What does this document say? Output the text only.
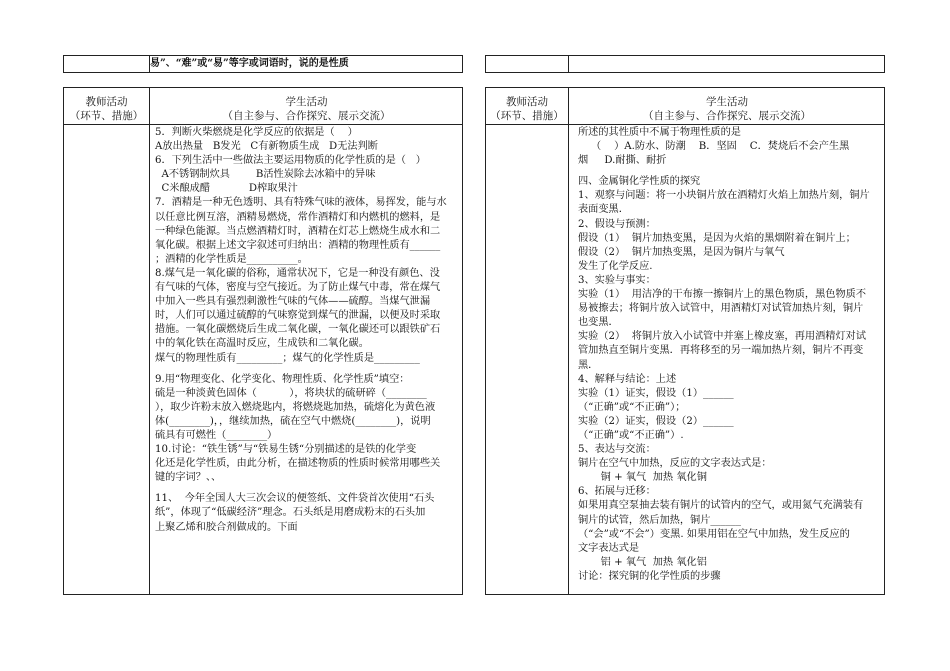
易”、“难”或“易”等字或词语时，说的是性质
教师活动
（环节、措施）
学生活动
（自主参与、合作探究、展示交流）
5．判断火柴燃烧是化学反应的依据是（    ）
A放出热量   B发光   C有新物质生成   D无法判断
6．下列生活中一些做法主要运用物质的化学性质的是（   ）
A不锈钢制炊具        B活性炭除去冰箱中的异味
C米酿成醋            D榨取果汁
7．酒精是一种无色透明、具有特殊气味的液体，易挥发，能与水
以任意比例互溶，酒精易燃烧，常作酒精灯和内燃机的燃料，是
一种绿色能源。当点燃酒精灯时，酒精在灯芯上燃烧生成水和二
氧化碳。根据上述文字叙述可归纳出：酒精的物理性质有______
；酒精的化学性质是__________。
8.煤气是一氧化碳的俗称，通常状况下，它是一种没有颜色、没
有气味的气体，密度与空气接近。为了防止煤气中毒，常在煤气
中加入一些具有强烈刺激性气味的气体——硫醇。当煤气泄漏
时，人们可以通过硫醇的气味察觉到煤气的泄漏，以便及时采取
措施。一氧化碳燃烧后生成二氧化碳，一氧化碳还可以跟铁矿石
中的氧化铁在高温时反应，生成铁和二氧化碳。
煤气的物理性质有_________；煤气的化学性质是_________
9.用“物理变化、化学变化、物理性质、化学性质”填空：
硫是一种淡黄色固体（          ），将块状的硫研碎（________
），取少许粉末放入燃烧匙内，将燃烧匙加热，硫熔化为黄色液
体(________)，，继续加热，硫在空气中燃烧(________)，说明
硫具有可燃性（________）
10.讨论：“铁生锈”与“铁易生锈“分别描述的是铁的化学变
化还是化学性质，由此分析，在描述物质的性质时候常用哪些关
键的字词？、、
11、  今年全国人大三次会议的便签纸、文件袋首次使用“石头
纸”，体现了“低碳经济”理念。石头纸是用磨成粉末的石头加
上聚乙烯和胶合剂做成的。下面
教师活动
（环节、措施）
学生活动
（自主参与、合作探究、展示交流）
所述的其性质中不属于物理性质的是
（    ）A.防水、防潮    B．坚固    C．焚烧后不会产生黑
烟     D.耐撕、耐折
四、金属铜化学性质的探究
1、观察与问题：将一小块铜片放在酒精灯火焰上加热片刻，铜片
表面变黑．
2、假设与预测：
假设（1）  铜片加热变黑，是因为火焰的黑烟附着在铜片上；
假设（2）  铜片加热变黑，是因为铜片与氧气
发生了化学反应.
3、实验与事实：
实验（1）  用洁净的干布擦一擦铜片上的黑色物质，黑色物质不
易被擦去；将铜片放入试管中，用酒精灯对试管加热片刻，铜片
也变黑．
实验（2）  将铜片放入小试管中并塞上橡皮塞，再用酒精灯对试
管加热直至铜片变黑．再将移至的另一端加热片刻，铜片不再变
黑．
4、解释与结论：上述
实验（1）证实，假设（1）______
（“正确”或“不正确”）；
实验（2）证实，假设（2）______
（“正确”或“不正确”）.
5、表达与交流：
铜片在空气中加热，反应的文字表达式是：
铜 + 氧气  加热 氧化铜
6、拓展与迁移：
如果用真空泵抽去装有铜片的试管内的空气，或用氮气充满装有
铜片的试管，然后加热，铜片______
（“会”或“不会”）变黑. 如果用铝在空气中加热，发生反应的
文字表达式是
铝 + 氧气  加热 氧化铝
讨论：探究铜的化学性质的步骤
